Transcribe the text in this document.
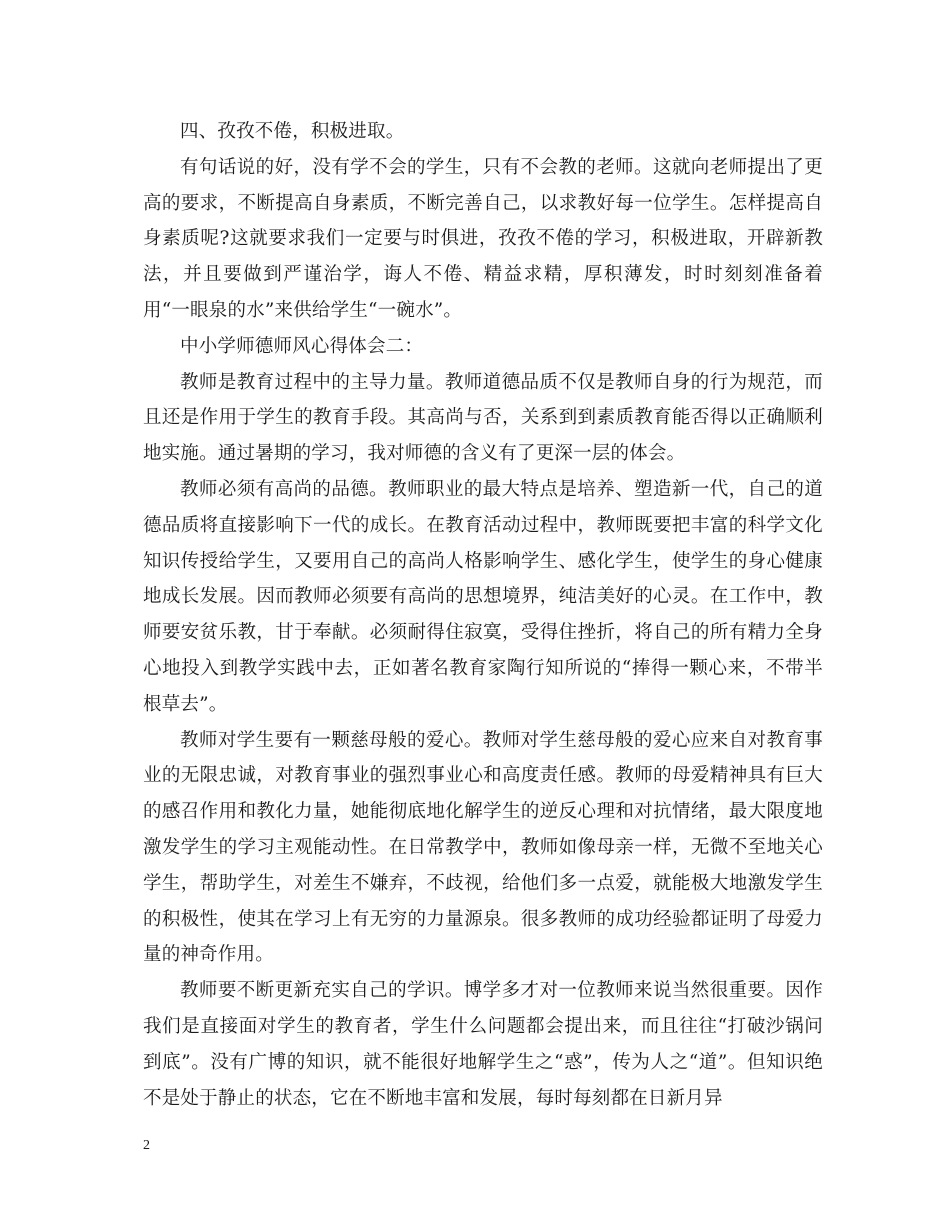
四、孜孜不倦，积极进取。

有句话说的好，没有学不会的学生，只有不会教的老师。这就向老师提出了更高的要求，不断提高自身素质，不断完善自己，以求教好每一位学生。怎样提高自身素质呢?这就要求我们一定要与时俱进，孜孜不倦的学习，积极进取，开辟新教法，并且要做到严谨治学，诲人不倦、精益求精，厚积薄发，时时刻刻准备着用“一眼泉的水”来供给学生“一碗水”。

中小学师德师风心得体会二：

教师是教育过程中的主导力量。教师道德品质不仅是教师自身的行为规范，而且还是作用于学生的教育手段。其高尚与否，关系到到素质教育能否得以正确顺利地实施。通过暑期的学习，我对师德的含义有了更深一层的体会。

教师必须有高尚的品德。教师职业的最大特点是培养、塑造新一代，自己的道德品质将直接影响下一代的成长。在教育活动过程中，教师既要把丰富的科学文化知识传授给学生，又要用自己的高尚人格影响学生、感化学生，使学生的身心健康地成长发展。因而教师必须要有高尚的思想境界，纯洁美好的心灵。在工作中，教师要安贫乐教，甘于奉献。必须耐得住寂寞，受得住挫折，将自己的所有精力全身心地投入到教学实践中去，正如著名教育家陶行知所说的“捧得一颗心来，不带半根草去”。

教师对学生要有一颗慈母般的爱心。教师对学生慈母般的爱心应来自对教育事业的无限忠诚，对教育事业的强烈事业心和高度责任感。教师的母爱精神具有巨大的感召作用和教化力量，她能彻底地化解学生的逆反心理和对抗情绪，最大限度地激发学生的学习主观能动性。在日常教学中，教师如像母亲一样，无微不至地关心学生，帮助学生，对差生不嫌弃，不歧视，给他们多一点爱，就能极大地激发学生的积极性，使其在学习上有无穷的力量源泉。很多教师的成功经验都证明了母爱力量的神奇作用。

教师要不断更新充实自己的学识。博学多才对一位教师来说当然很重要。因作我们是直接面对学生的教育者，学生什么问题都会提出来，而且往往“打破沙锅问到底”。没有广博的知识，就不能很好地解学生之“惑”，传为人之“道”。但知识绝不是处于静止的状态，它在不断地丰富和发展，每时每刻都在日新月异

2
